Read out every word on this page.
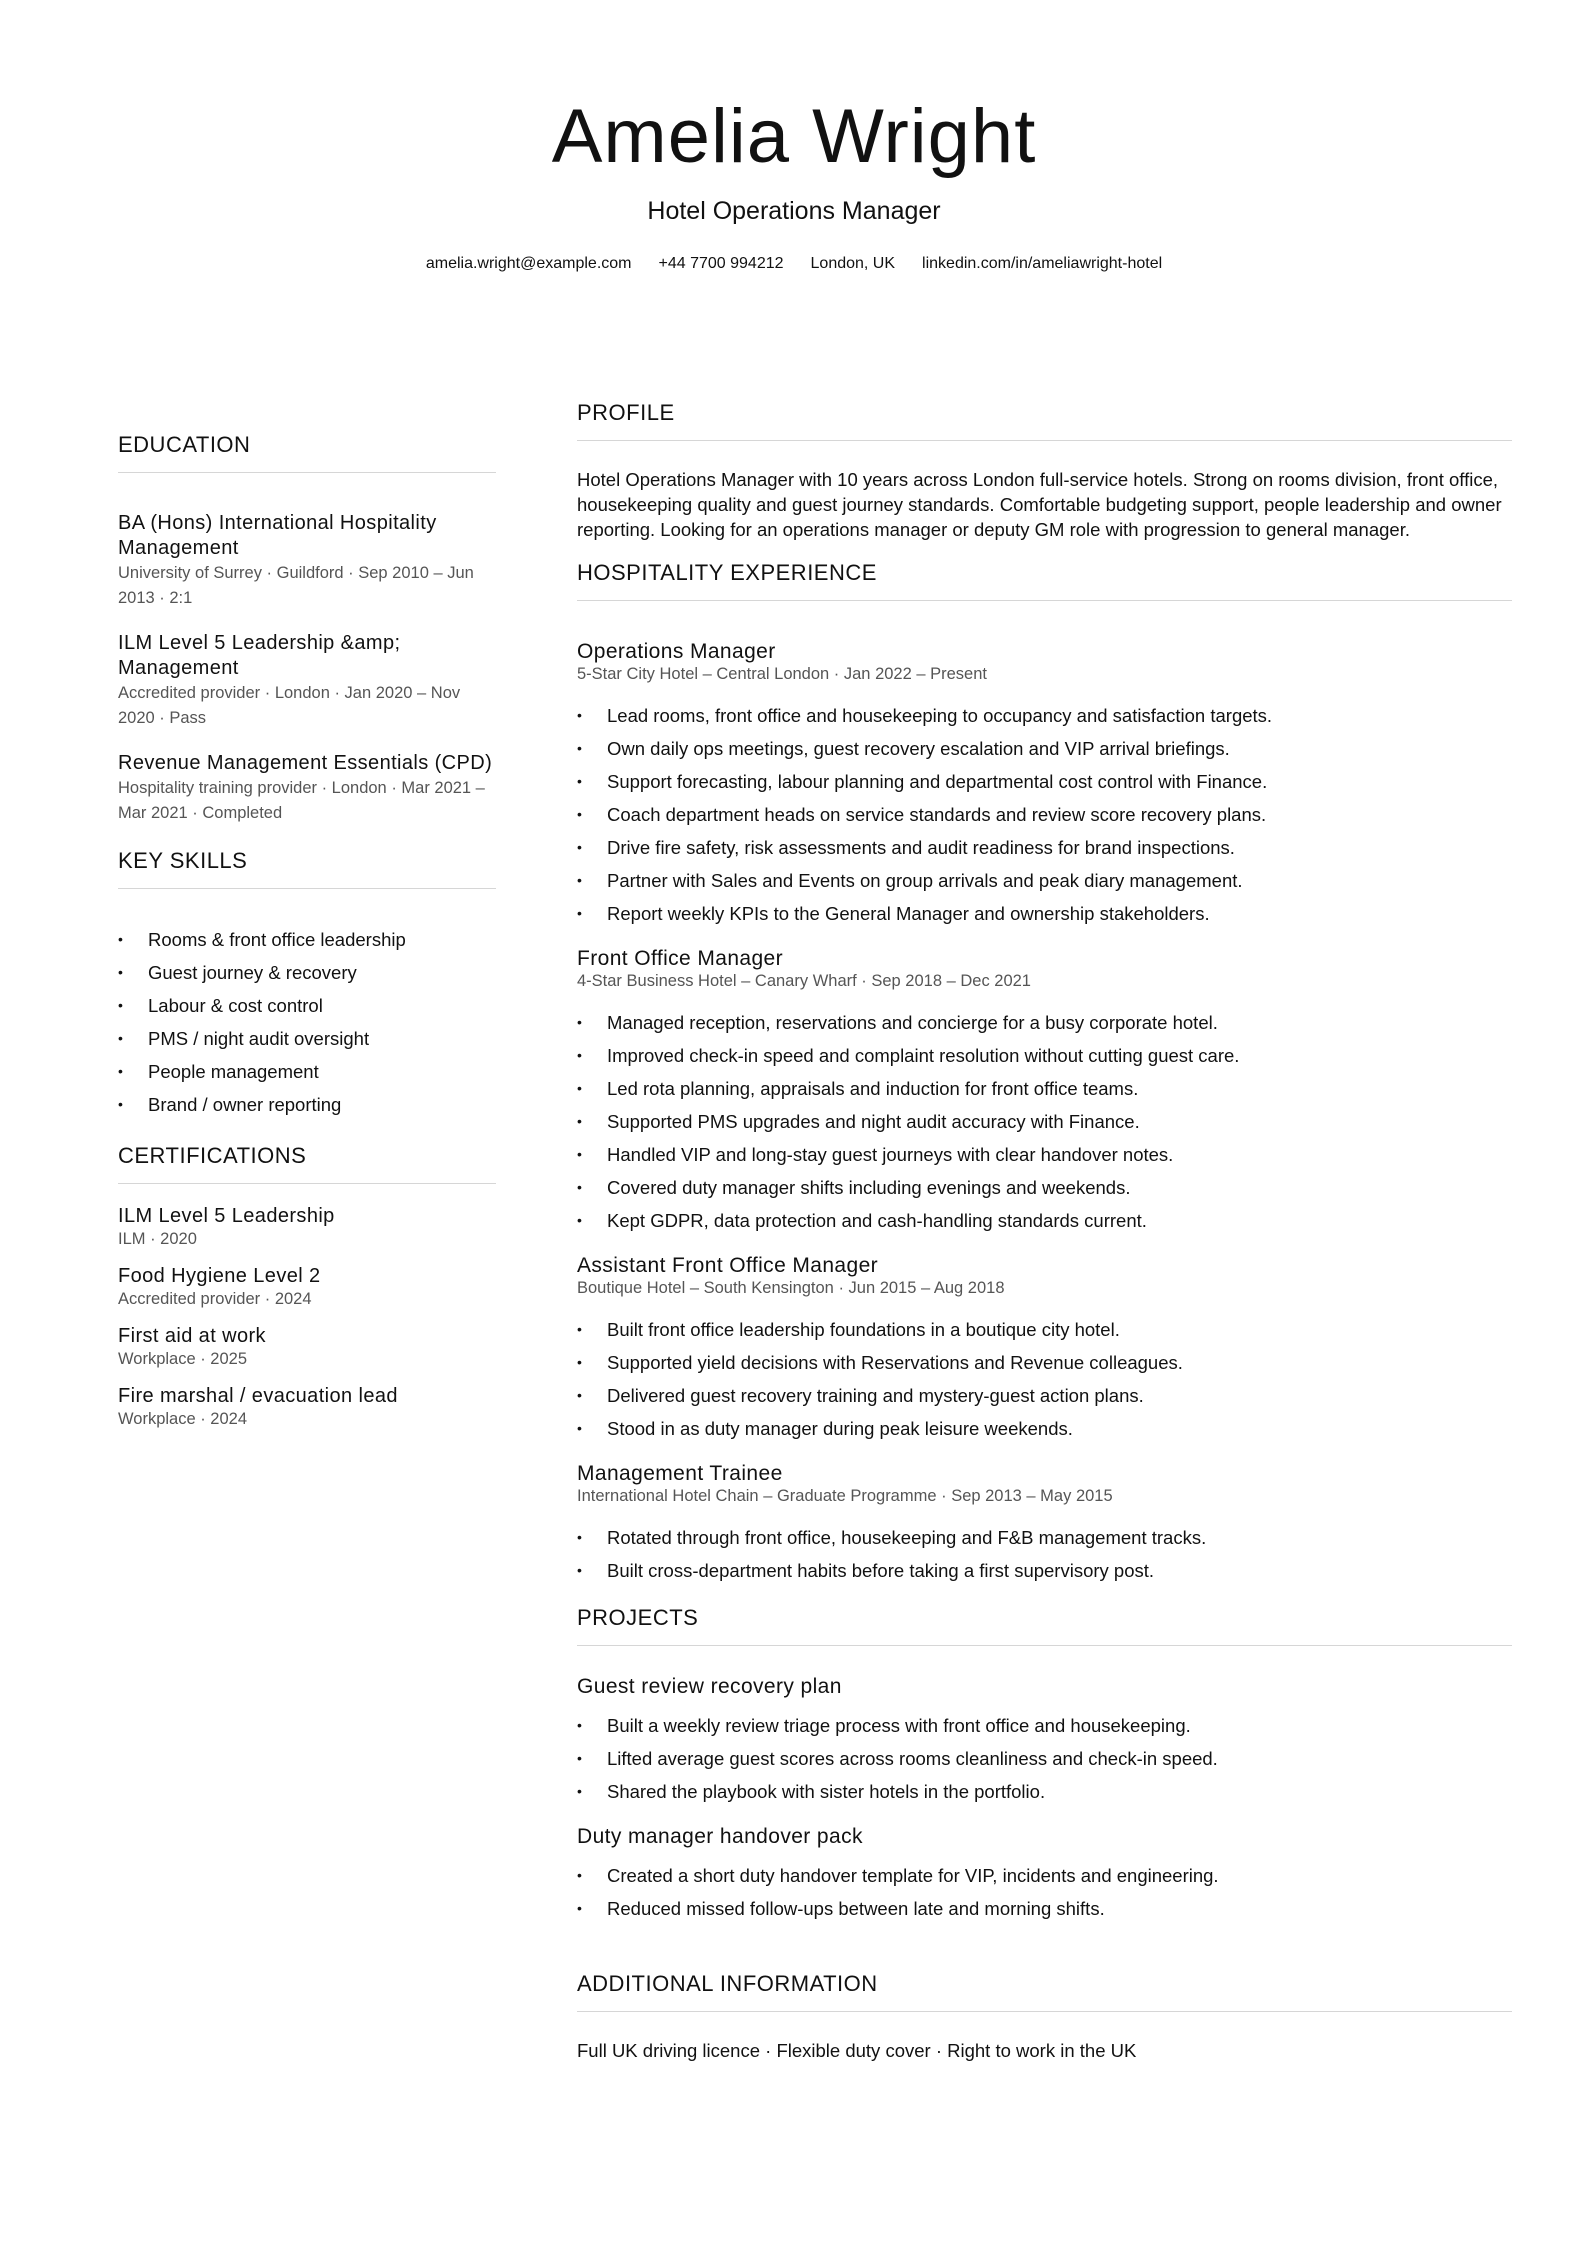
Amelia Wright
Hotel Operations Manager
amelia.wright@example.com +44 7700 994212 London, UK linkedin.com/in/ameliawright-hotel
EDUCATION
BA (Hons) International Hospitality Management
University of Surrey · Guildford · Sep 2010 – Jun 2013 · 2:1
ILM Level 5 Leadership &amp; Management
Accredited provider · London · Jan 2020 – Nov 2020 · Pass
Revenue Management Essentials (CPD)
Hospitality training provider · London · Mar 2021 – Mar 2021 · Completed
KEY SKILLS
• Rooms & front office leadership
• Guest journey & recovery
• Labour & cost control
• PMS / night audit oversight
• People management
• Brand / owner reporting
CERTIFICATIONS
ILM Level 5 Leadership
ILM · 2020
Food Hygiene Level 2
Accredited provider · 2024
First aid at work
Workplace · 2025
Fire marshal / evacuation lead
Workplace · 2024
PROFILE
Hotel Operations Manager with 10 years across London full-service hotels. Strong on rooms division, front office, housekeeping quality and guest journey standards. Comfortable budgeting support, people leadership and owner reporting. Looking for an operations manager or deputy GM role with progression to general manager.
HOSPITALITY EXPERIENCE
Operations Manager
5-Star City Hotel – Central London · Jan 2022 – Present
• Lead rooms, front office and housekeeping to occupancy and satisfaction targets.
• Own daily ops meetings, guest recovery escalation and VIP arrival briefings.
• Support forecasting, labour planning and departmental cost control with Finance.
• Coach department heads on service standards and review score recovery plans.
• Drive fire safety, risk assessments and audit readiness for brand inspections.
• Partner with Sales and Events on group arrivals and peak diary management.
• Report weekly KPIs to the General Manager and ownership stakeholders.
Front Office Manager
4-Star Business Hotel – Canary Wharf · Sep 2018 – Dec 2021
• Managed reception, reservations and concierge for a busy corporate hotel.
• Improved check-in speed and complaint resolution without cutting guest care.
• Led rota planning, appraisals and induction for front office teams.
• Supported PMS upgrades and night audit accuracy with Finance.
• Handled VIP and long-stay guest journeys with clear handover notes.
• Covered duty manager shifts including evenings and weekends.
• Kept GDPR, data protection and cash-handling standards current.
Assistant Front Office Manager
Boutique Hotel – South Kensington · Jun 2015 – Aug 2018
• Built front office leadership foundations in a boutique city hotel.
• Supported yield decisions with Reservations and Revenue colleagues.
• Delivered guest recovery training and mystery-guest action plans.
• Stood in as duty manager during peak leisure weekends.
Management Trainee
International Hotel Chain – Graduate Programme · Sep 2013 – May 2015
• Rotated through front office, housekeeping and F&B management tracks.
• Built cross-department habits before taking a first supervisory post.
PROJECTS
Guest review recovery plan
• Built a weekly review triage process with front office and housekeeping.
• Lifted average guest scores across rooms cleanliness and check-in speed.
• Shared the playbook with sister hotels in the portfolio.
Duty manager handover pack
• Created a short duty handover template for VIP, incidents and engineering.
• Reduced missed follow-ups between late and morning shifts.
ADDITIONAL INFORMATION
Full UK driving licence · Flexible duty cover · Right to work in the UK
